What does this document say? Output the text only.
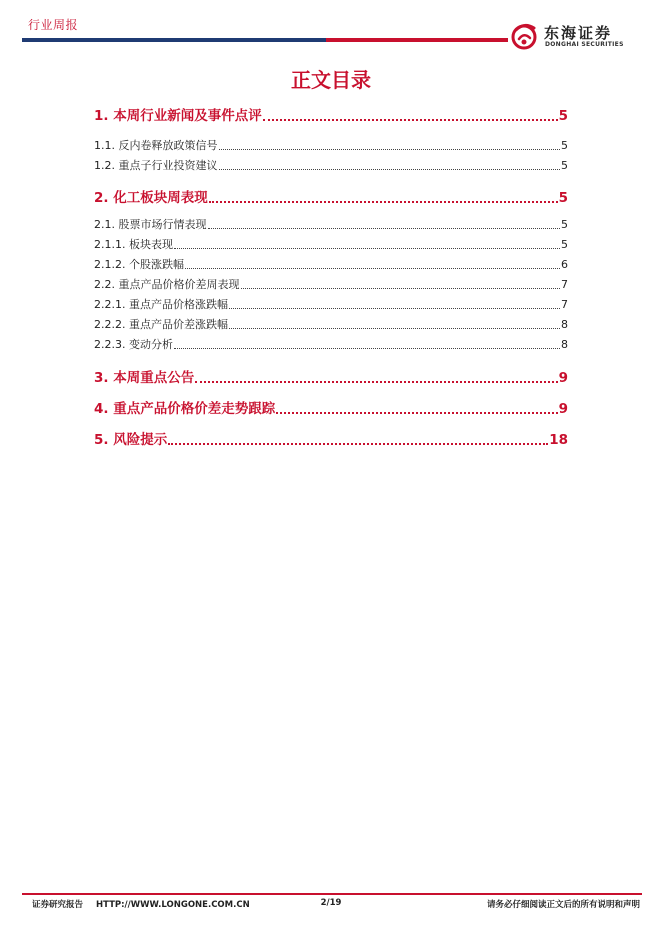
行业周报	东海证券
DONGHAI SECURITIES
正文目录
1. 本周行业新闻及事件点评	5
1.1. 反内卷释放政策信号	5
1.2. 重点子行业投资建议	5
2. 化工板块周表现	5
2.1. 股票市场行情表现	5
2.1.1. 板块表现	5
2.1.2. 个股涨跌幅	6
2.2. 重点产品价格价差周表现	7
2.2.1. 重点产品价格涨跌幅	7
2.2.2. 重点产品价差涨跌幅	8
2.2.3. 变动分析	8
3. 本周重点公告	9
4. 重点产品价格价差走势跟踪	9
5. 风险提示	18
证券研究报告 HTTP://WWW.LONGONE.COM.CN	2/19	请务必仔细阅读正文后的所有说明和声明
